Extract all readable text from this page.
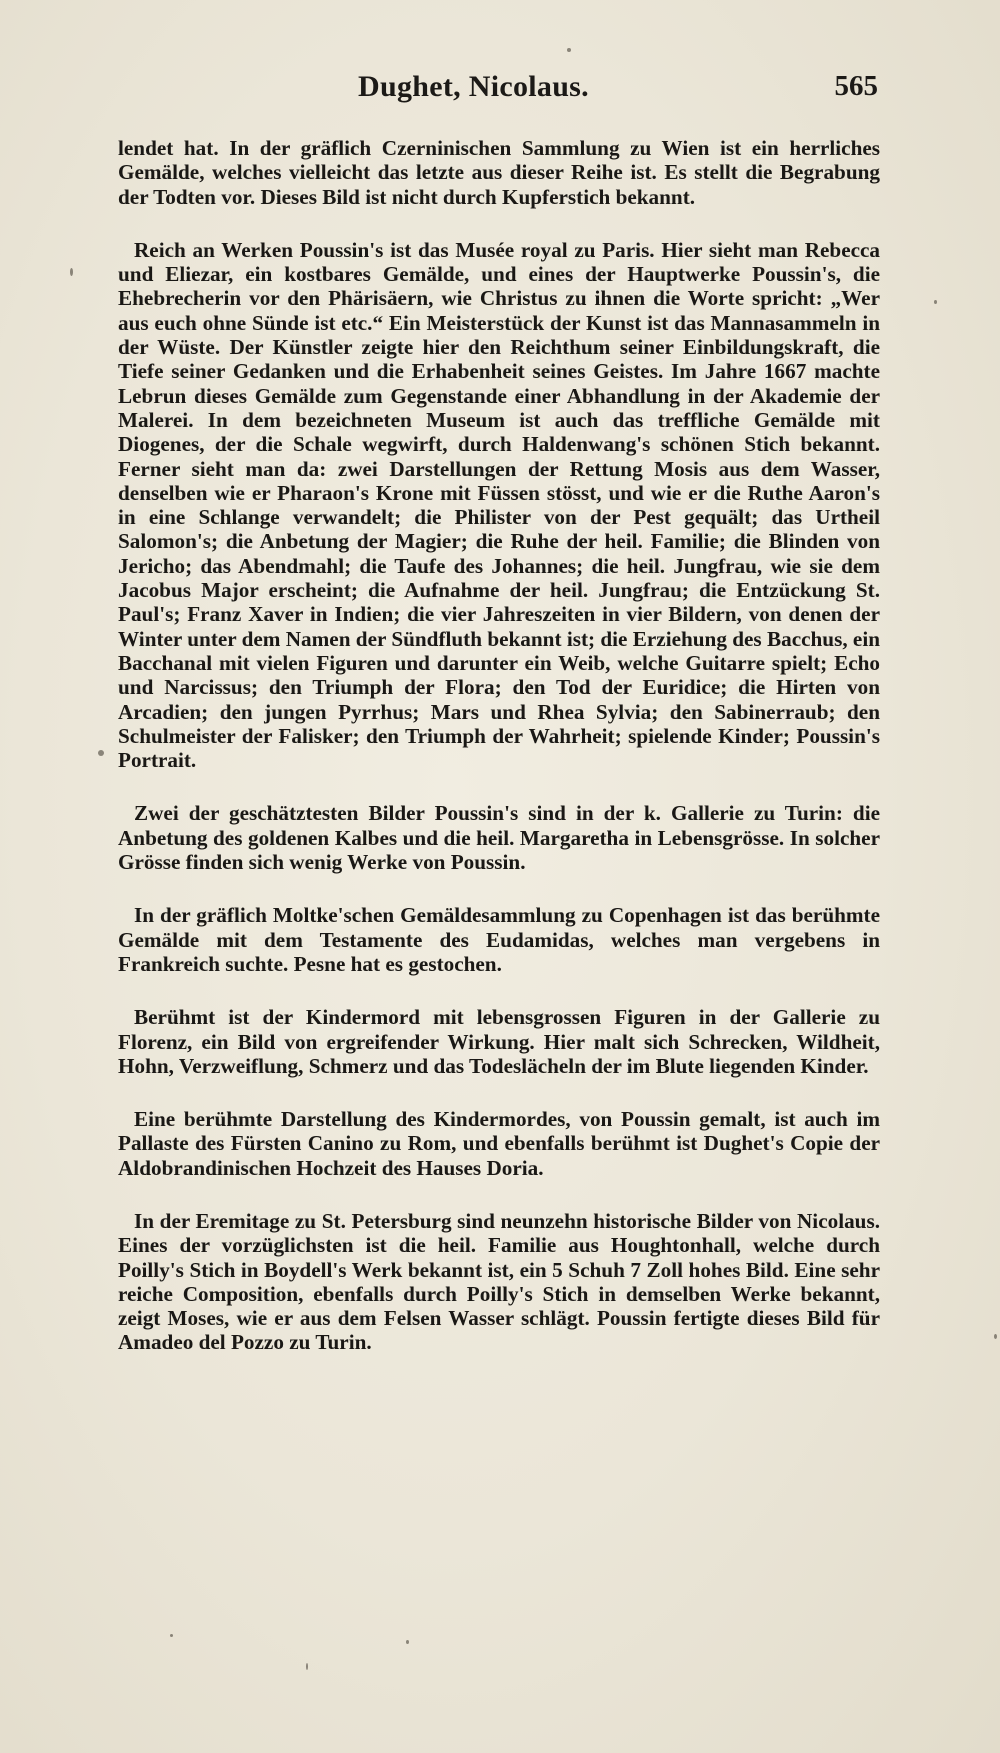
Dughet, Nicolaus.	565

lendet hat. In der gräflich Czerninischen Sammlung zu Wien ist ein herrliches Gemälde, welches vielleicht das letzte aus dieser Reihe ist. Es stellt die Begrabung der Todten vor. Dieses Bild ist nicht durch Kupferstich bekannt.

Reich an Werken Poussin's ist das Musée royal zu Paris. Hier sieht man Rebecca und Eliezar, ein kostbares Gemälde, und eines der Hauptwerke Poussin's, die Ehebrecherin vor den Phärisäern, wie Christus zu ihnen die Worte spricht: „Wer aus euch ohne Sünde ist etc.“ Ein Meisterstück der Kunst ist das Mannasammeln in der Wüste. Der Künstler zeigte hier den Reichthum seiner Einbildungskraft, die Tiefe seiner Gedanken und die Erhabenheit seines Geistes. Im Jahre 1667 machte Lebrun dieses Gemälde zum Gegenstande einer Abhandlung in der Akademie der Malerei. In dem bezeichneten Museum ist auch das treffliche Gemälde mit Diogenes, der die Schale wegwirft, durch Haldenwang's schönen Stich bekannt. Ferner sieht man da: zwei Darstellungen der Rettung Mosis aus dem Wasser, denselben wie er Pharaon's Krone mit Füssen stösst, und wie er die Ruthe Aaron's in eine Schlange verwandelt; die Philister von der Pest gequält; das Urtheil Salomon's; die Anbetung der Magier; die Ruhe der heil. Familie; die Blinden von Jericho; das Abendmahl; die Taufe des Johannes; die heil. Jungfrau, wie sie dem Jacobus Major erscheint; die Aufnahme der heil. Jungfrau; die Entzückung St. Paul's; Franz Xaver in Indien; die vier Jahreszeiten in vier Bildern, von denen der Winter unter dem Namen der Sündfluth bekannt ist; die Erziehung des Bacchus, ein Bacchanal mit vielen Figuren und darunter ein Weib, welche Guitarre spielt; Echo und Narcissus; den Triumph der Flora; den Tod der Euridice; die Hirten von Arcadien; den jungen Pyrrhus; Mars und Rhea Sylvia; den Sabinerraub; den Schulmeister der Falisker; den Triumph der Wahrheit; spielende Kinder; Poussin's Portrait.

Zwei der geschätztesten Bilder Poussin's sind in der k. Gallerie zu Turin: die Anbetung des goldenen Kalbes und die heil. Margaretha in Lebensgrösse. In solcher Grösse finden sich wenig Werke von Poussin.

In der gräflich Moltke'schen Gemäldesammlung zu Copenhagen ist das berühmte Gemälde mit dem Testamente des Eudamidas, welches man vergebens in Frankreich suchte. Pesne hat es gestochen.

Berühmt ist der Kindermord mit lebensgrossen Figuren in der Gallerie zu Florenz, ein Bild von ergreifender Wirkung. Hier malt sich Schrecken, Wildheit, Hohn, Verzweiflung, Schmerz und das Todeslächeln der im Blute liegenden Kinder.

Eine berühmte Darstellung des Kindermordes, von Poussin gemalt, ist auch im Pallaste des Fürsten Canino zu Rom, und ebenfalls berühmt ist Dughet's Copie der Aldobrandinischen Hochzeit des Hauses Doria.

In der Eremitage zu St. Petersburg sind neunzehn historische Bilder von Nicolaus. Eines der vorzüglichsten ist die heil. Familie aus Houghtonhall, welche durch Poilly's Stich in Boydell's Werk bekannt ist, ein 5 Schuh 7 Zoll hohes Bild. Eine sehr reiche Composition, ebenfalls durch Poilly's Stich in demselben Werke bekannt, zeigt Moses, wie er aus dem Felsen Wasser schlägt. Poussin fertigte dieses Bild für Amadeo del Pozzo zu Turin.
